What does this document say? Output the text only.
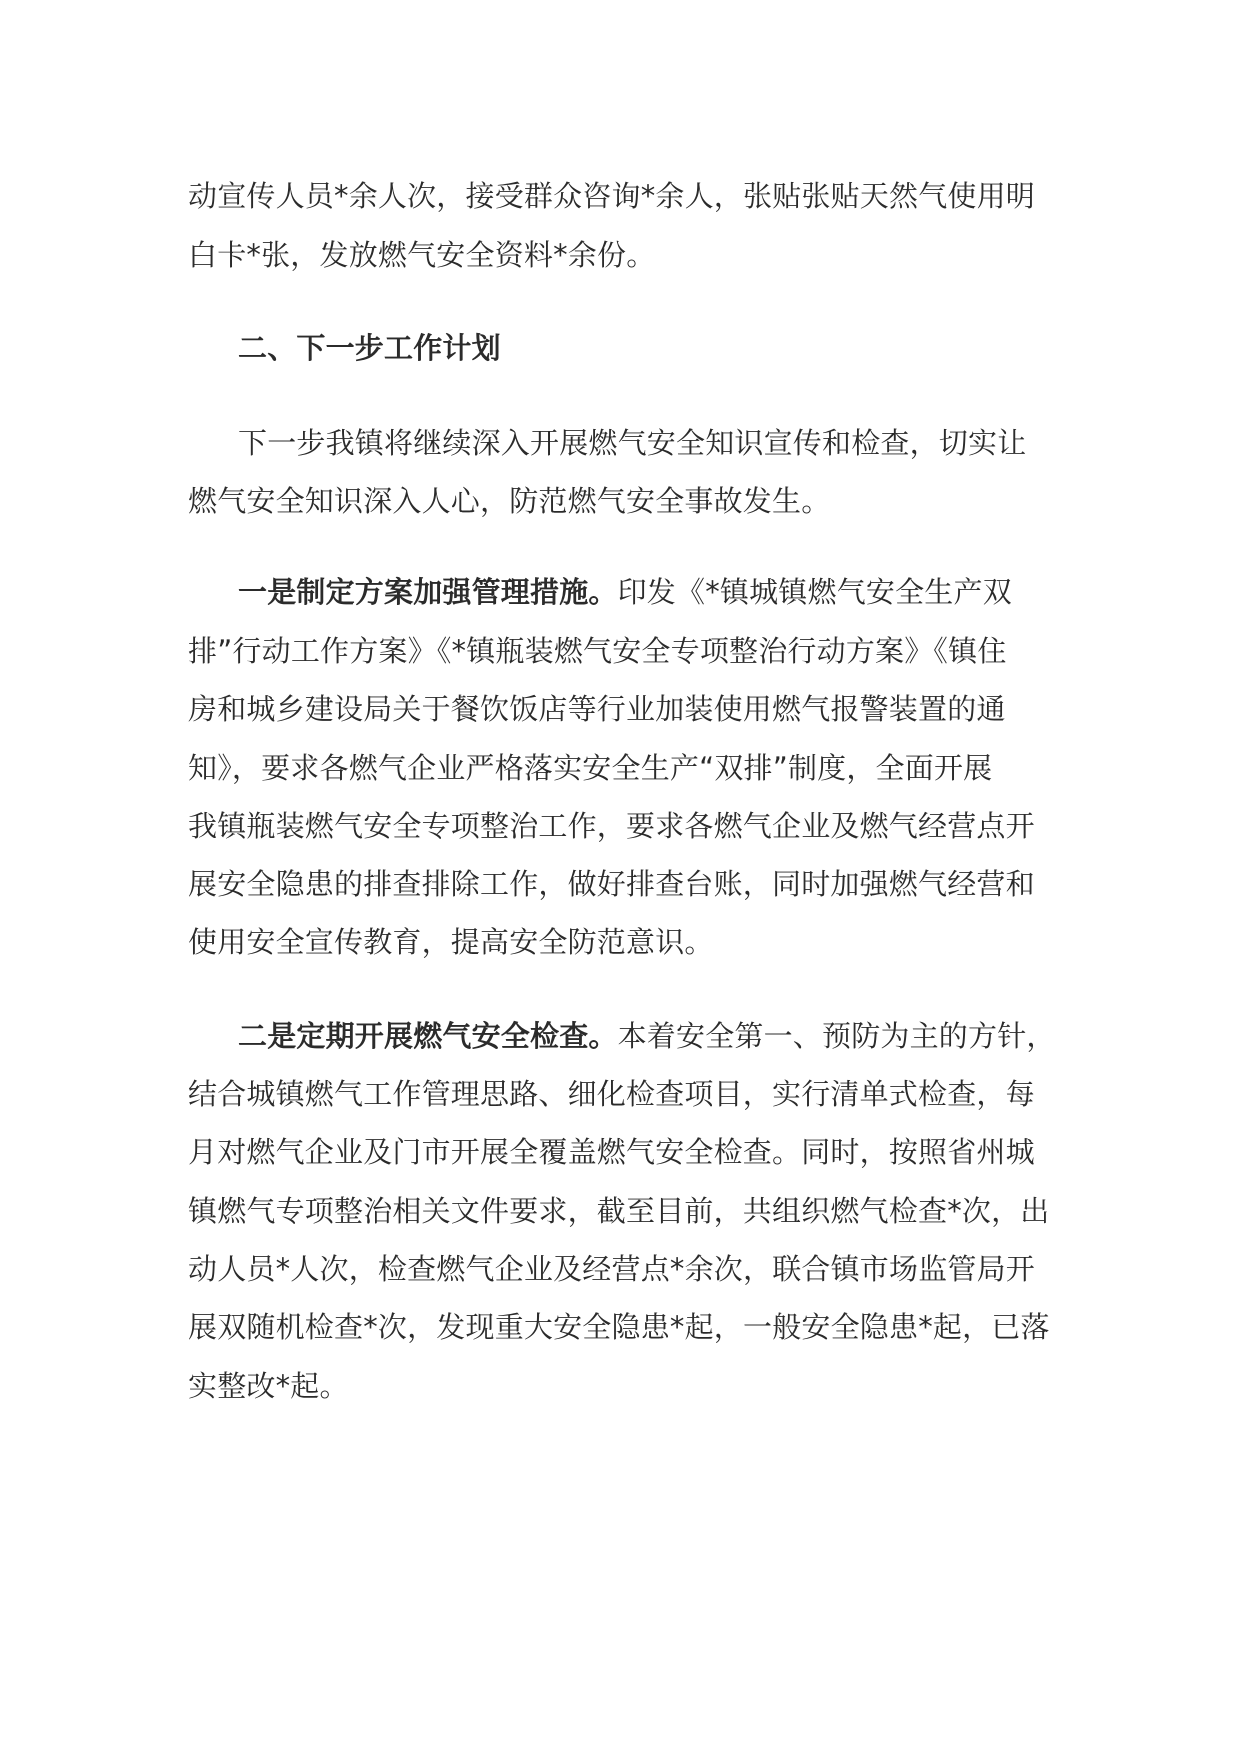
动宣传人员*余人次，接受群众咨询*余人，张贴张贴天然气使用明
白卡*张，发放燃气安全资料*余份。
二、下一步工作计划
下一步我镇将继续深入开展燃气安全知识宣传和检查，切实让
燃气安全知识深入人心，防范燃气安全事故发生。
一是制定方案加强管理措施。印发《*镇城镇燃气安全生产双
排”行动工作方案》《*镇瓶装燃气安全专项整治行动方案》《镇住
房和城乡建设局关于餐饮饭店等行业加装使用燃气报警装置的通
知》，要求各燃气企业严格落实安全生产“双排”制度，全面开展
我镇瓶装燃气安全专项整治工作，要求各燃气企业及燃气经营点开
展安全隐患的排查排除工作，做好排查台账，同时加强燃气经营和
使用安全宣传教育，提高安全防范意识。
二是定期开展燃气安全检查。本着安全第一、预防为主的方针，
结合城镇燃气工作管理思路、细化检查项目，实行清单式检查，每
月对燃气企业及门市开展全覆盖燃气安全检查。同时，按照省州城
镇燃气专项整治相关文件要求，截至目前，共组织燃气检查*次，出
动人员*人次，检查燃气企业及经营点*余次，联合镇市场监管局开
展双随机检查*次，发现重大安全隐患*起，一般安全隐患*起，已落
实整改*起。
